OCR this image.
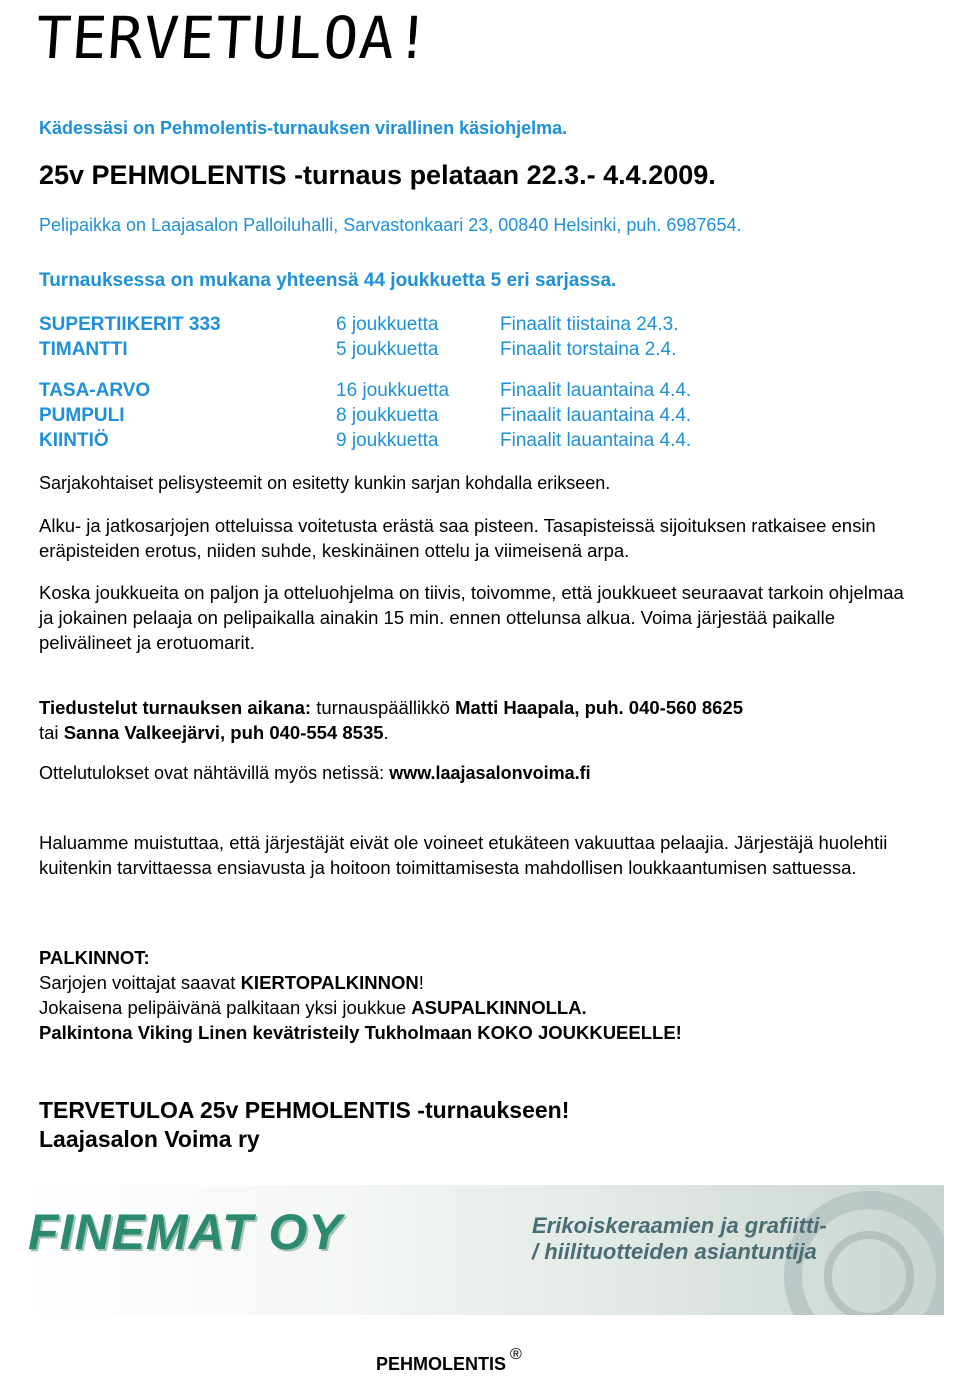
TERVETULOA!
Kädessäsi on Pehmolentis-turnauksen virallinen käsiohjelma.
25v PEHMOLENTIS -turnaus pelataan 22.3.- 4.4.2009.
Pelipaikka on Laajasalon Palloiluhalli, Sarvastonkaari 23, 00840 Helsinki, puh. 6987654.
Turnauksessa on mukana yhteensä 44 joukkuetta 5 eri sarjassa.
SUPERTIIKERIT 333	6 joukkuetta	Finaalit tiistaina 24.3.
TIMANTTI	5 joukkuetta	Finaalit torstaina 2.4.
TASA-ARVO	16 joukkuetta	Finaalit lauantaina 4.4.
PUMPULI	8 joukkuetta	Finaalit lauantaina 4.4.
KIINTIÖ	9 joukkuetta	Finaalit lauantaina 4.4.
Sarjakohtaiset pelisysteemit on esitetty kunkin sarjan kohdalla erikseen.
Alku- ja jatkosarjojen otteluissa voitetusta erästä saa pisteen. Tasapisteissä sijoituksen ratkaisee ensin eräpisteiden erotus, niiden suhde, keskinäinen ottelu ja viimeisenä arpa.
Koska joukkueita on paljon ja otteluohjelma on tiivis, toivomme, että joukkueet seuraavat tarkoin ohjelmaa ja jokainen pelaaja on pelipaikalla ainakin 15 min. ennen ottelunsa alkua. Voima järjestää paikalle pelivälineet ja erotuomarit.
Tiedustelut turnauksen aikana: turnauspäällikkö Matti Haapala, puh. 040-560 8625
tai Sanna Valkeejärvi, puh 040-554 8535.
Ottelutulokset ovat nähtävillä myös netissä: www.laajasalonvoima.fi
Haluamme muistuttaa, että järjestäjät eivät ole voineet etukäteen vakuuttaa pelaajia. Järjestäjä huolehtii kuitenkin tarvittaessa ensiavusta ja hoitoon toimittamisesta mahdollisen loukkaantumisen sattuessa.
PALKINNOT:
Sarjojen voittajat saavat KIERTOPALKINNON!
Jokaisena pelipäivänä palkitaan yksi joukkue ASUPALKINNOLLA.
Palkintona Viking Linen kevätristeily Tukholmaan KOKO JOUKKUEELLE!
TERVETULOA 25v PEHMOLENTIS -turnaukseen!
Laajasalon Voima ry
FINEMAT OY	Erikoiskeraamien ja grafiitti- / hiilituotteiden asiantuntija
PEHMOLENTIS ®
